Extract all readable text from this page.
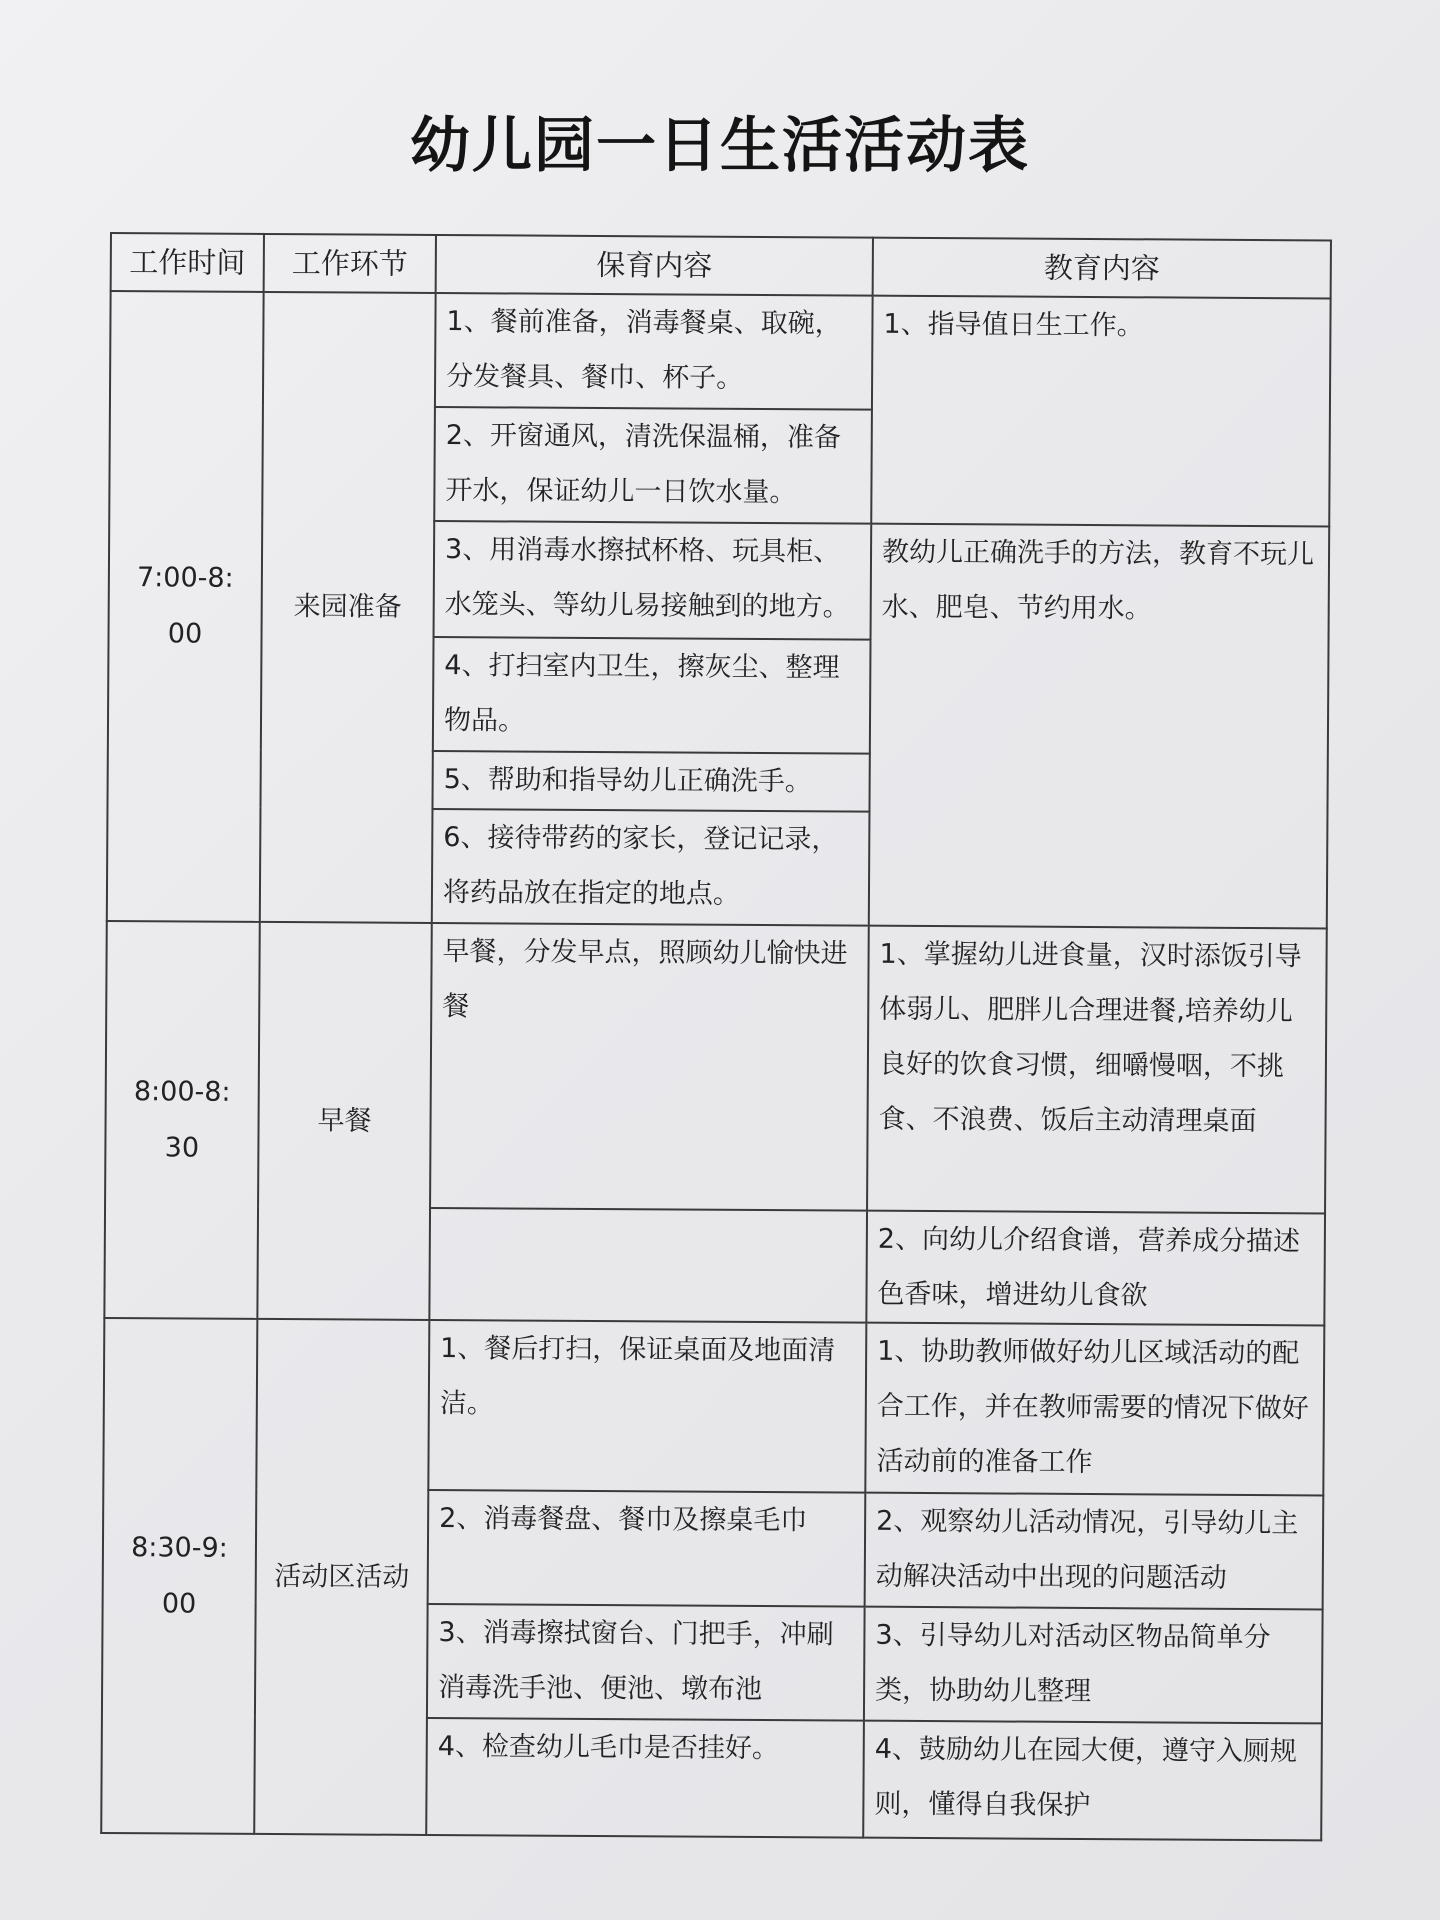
幼儿园一日生活活动表
工作时间	工作环节	保育内容	教育内容
7:00-8:00	来园准备	1、餐前准备，消毒餐桌、取碗，分发餐具、餐巾、杯子。	1、指导值日生工作。
		2、开窗通风，清洗保温桶，准备开水，保证幼儿一日饮水量。	
		3、用消毒水擦拭杯格、玩具柜、水笼头、等幼儿易接触到的地方。	教幼儿正确洗手的方法，教育不玩儿水、肥皂、节约用水。
		4、打扫室内卫生，擦灰尘、整理物品。	
		5、帮助和指导幼儿正确洗手。	
		6、接待带药的家长，登记记录，将药品放在指定的地点。	
8:00-8:30	早餐	早餐，分发早点，照顾幼儿愉快进餐	1、掌握幼儿进食量，汉时添饭引导体弱儿、肥胖儿合理进餐,培养幼儿良好的饮食习惯，细嚼慢咽，不挑食、不浪费、饭后主动清理桌面
			2、向幼儿介绍食谱，营养成分描述色香味，增进幼儿食欲
8:30-9:00	活动区活动	1、餐后打扫，保证桌面及地面清洁。	1、协助教师做好幼儿区域活动的配合工作，并在教师需要的情况下做好活动前的准备工作
		2、消毒餐盘、餐巾及擦桌毛巾	2、观察幼儿活动情况，引导幼儿主动解决活动中出现的问题活动
		3、消毒擦拭窗台、门把手，冲刷消毒洗手池、便池、墩布池	3、引导幼儿对活动区物品简单分类，协助幼儿整理
		4、检查幼儿毛巾是否挂好。	4、鼓励幼儿在园大便，遵守入厕规则，懂得自我保护
